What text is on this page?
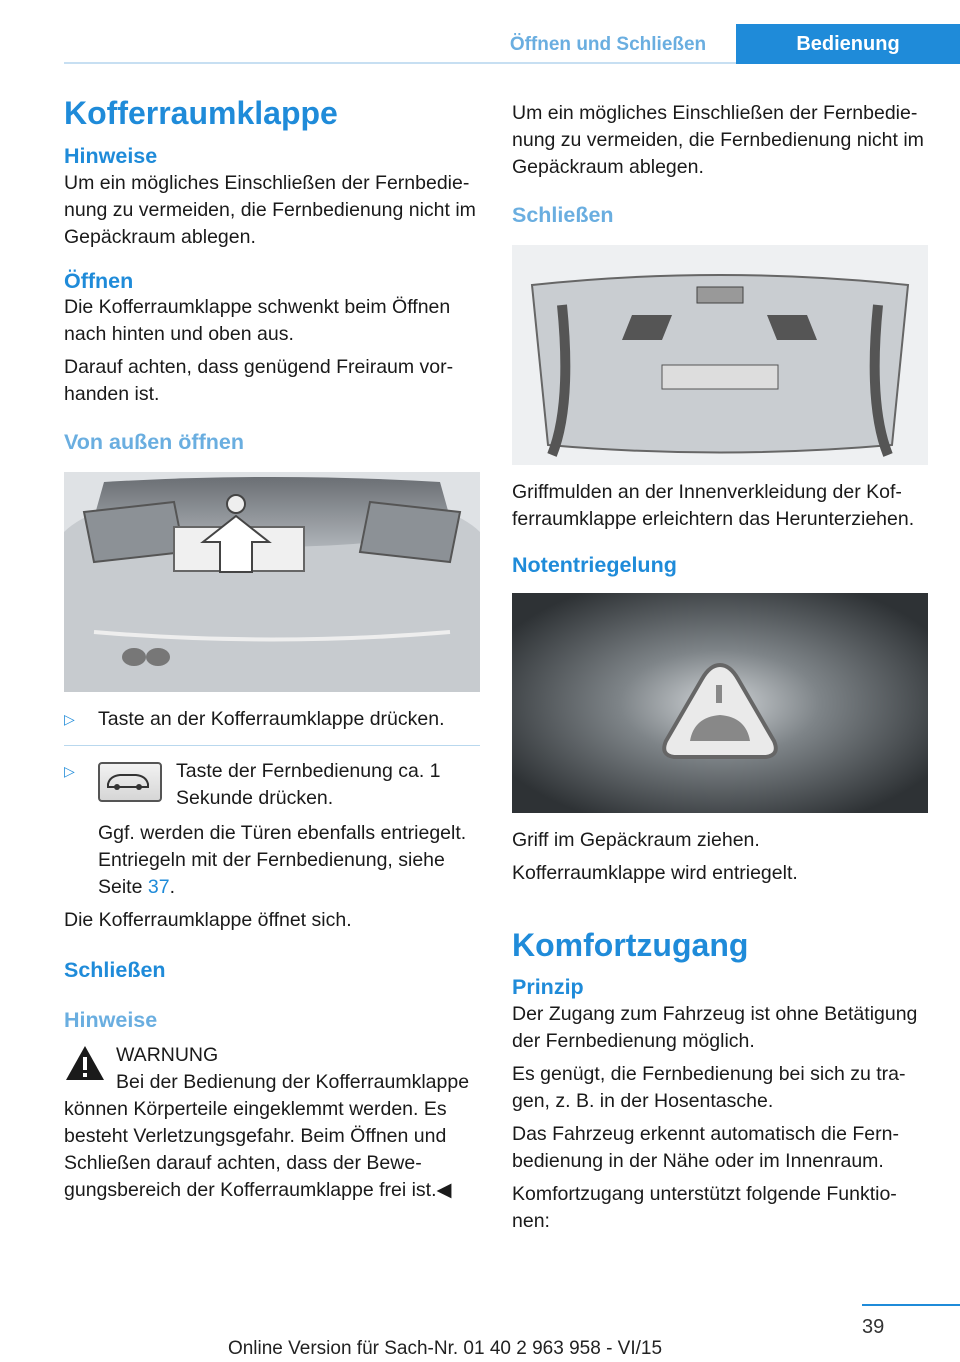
Öffnen und Schließen	Bedienung
Kofferraumklappe
Hinweise

Um ein mögliches Einschließen der Fernbedie-nung zu vermeiden, die Fernbedienung nicht im Gepäckraum ablegen.

Öffnen

Die Kofferraumklappe schwenkt beim Öffnen nach hinten und oben aus.

Darauf achten, dass genügend Freiraum vor-handen ist.

Von außen öffnen
▷	Taste an der Kofferraumklappe drücken.
▷	Taste der Fernbedienung ca. 1 Sekunde drücken.

Ggf. werden die Türen ebenfalls entriegelt. Entriegeln mit der Fernbedienung, siehe Seite 37.

Die Kofferraumklappe öffnet sich.

Schließen
Hinweise

WARNUNG

Bei der Bedienung der Kofferraumklappe können Körperteile eingeklemmt werden. Es besteht Verletzungsgefahr. Beim Öffnen und Schließen darauf achten, dass der Bewe-gungsbereich der Kofferraumklappe frei ist.◀

Um ein mögliches Einschließen der Fernbedie-nung zu vermeiden, die Fernbedienung nicht im Gepäckraum ablegen.

Schließen

Griffmulden an der Innenverkleidung der Kof-ferraumklappe erleichtern das Herunterziehen.

Notentriegelung

Griff im Gepäckraum ziehen.

Kofferraumklappe wird entriegelt.

Komfortzugang
Prinzip

Der Zugang zum Fahrzeug ist ohne Betätigung der Fernbedienung möglich.

Es genügt, die Fernbedienung bei sich zu tra-gen, z. B. in der Hosentasche.

Das Fahrzeug erkennt automatisch die Fern-bedienung in der Nähe oder im Innenraum.

Komfortzugang unterstützt folgende Funktio-nen:

39
Online Version für Sach-Nr. 01 40 2 963 958 - VI/15
